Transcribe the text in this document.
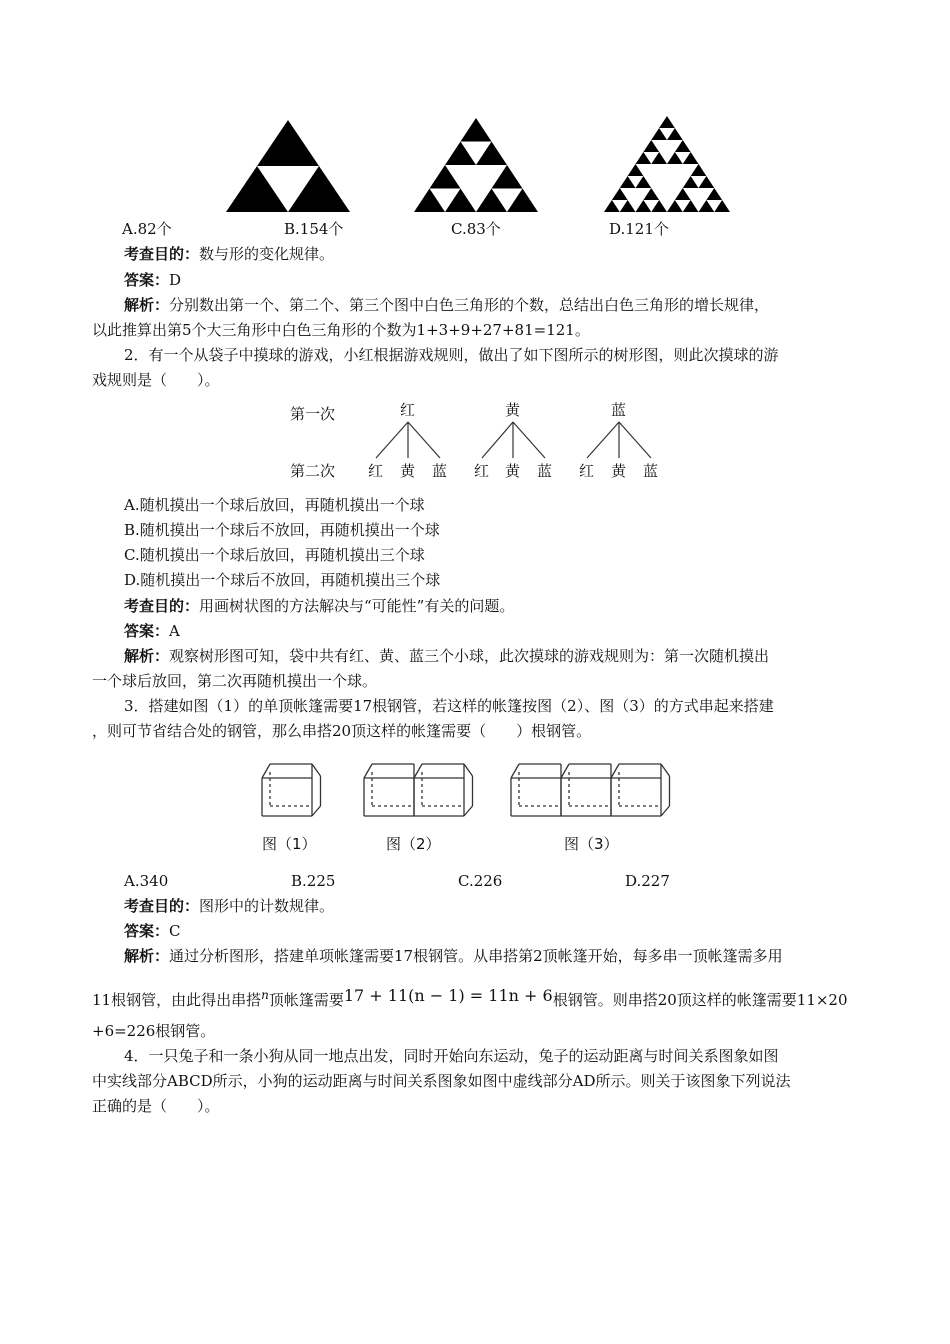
A.82个	B.154个	C.83个	D.121个
考查目的：数与形的变化规律。
答案：D
解析：分别数出第一个、第二个、第三个图中白色三角形的个数，总结出白色三角形的增长规律，
以此推算出第5个大三角形中白色三角形的个数为1+3+9+27+81=121。
2．有一个从袋子中摸球的游戏，小红根据游戏规则，做出了如下图所示的树形图，则此次摸球的游
戏规则是（　　）。
第一次
第二次
红	黄	蓝
红 黄 蓝 红 黄 蓝 红 黄 蓝
A.随机摸出一个球后放回，再随机摸出一个球
B.随机摸出一个球后不放回，再随机摸出一个球
C.随机摸出一个球后放回，再随机摸出三个球
D.随机摸出一个球后不放回，再随机摸出三个球
考查目的：用画树状图的方法解决与“可能性”有关的问题。
答案：A
解析：观察树形图可知，袋中共有红、黄、蓝三个小球，此次摸球的游戏规则为：第一次随机摸出
一个球后放回，第二次再随机摸出一个球。
3．搭建如图（1）的单顶帐篷需要17根钢管，若这样的帐篷按图（2）、图（3）的方式串起来搭建
，则可节省结合处的钢管，那么串搭20顶这样的帐篷需要（　　）根钢管。
图（1）	图（2）	图（3）
A.340	B.225	C.226	D.227
考查目的：图形中的计数规律。
答案：C
解析：通过分析图形，搭建单项帐篷需要17根钢管。从串搭第2顶帐篷开始，每多串一顶帐篷需多用
11根钢管，由此得出串搭$^n$顶帐篷需要17 + 11(n − 1) = 11n + 6根钢管。则串搭20顶这样的帐篷需要11×20
+6=226根钢管。
4．一只兔子和一条小狗从同一地点出发，同时开始向东运动，兔子的运动距离与时间关系图象如图
中实线部分ABCD所示，小狗的运动距离与时间关系图象如图中虚线部分AD所示。则关于该图象下列说法
正确的是（　　）。
